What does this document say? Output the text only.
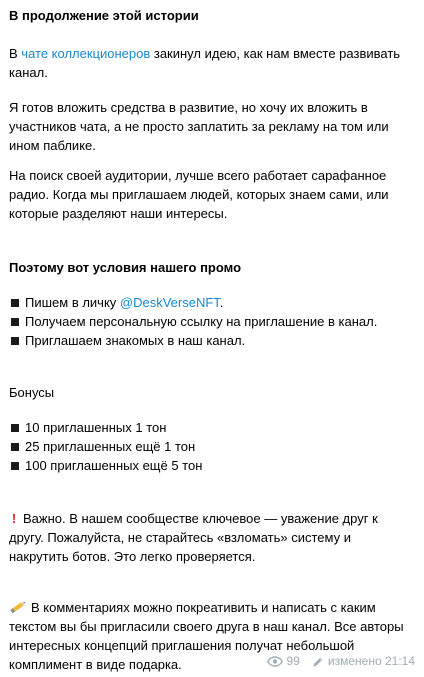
В продолжение этой истории

В чате коллекционеров закинул идею, как нам вместе развивать канал.

Я готов вложить средства в развитие, но хочу их вложить в участников чата, а не просто заплатить за рекламу на том или ином паблике.

На поиск своей аудитории, лучше всего работает сарафанное радио. Когда мы приглашаем людей, которых знаем сами, или которые разделяют наши интересы.

Поэтому вот условия нашего промо
Пишем в личку @DeskVerseNFT.
Получаем персональную ссылку на приглашение в канал.
Приглашаем знакомых в наш канал.
Бонусы
10 приглашенных 1 тон
25 приглашенных ещё 1 тон
100 приглашенных ещё 5 тон

! Важно. В нашем сообществе ключевое — уважение друг к другу. Пожалуйста, не старайтесь «взломать» систему и накрутить ботов. Это легко проверяется.

В комментариях можно покреативить и написать с каким текстом вы бы пригласили своего друга в наш канал. Все авторы интересных концепций приглашения получат небольшой комплимент в виде подарка.	99 изменено 21:14
